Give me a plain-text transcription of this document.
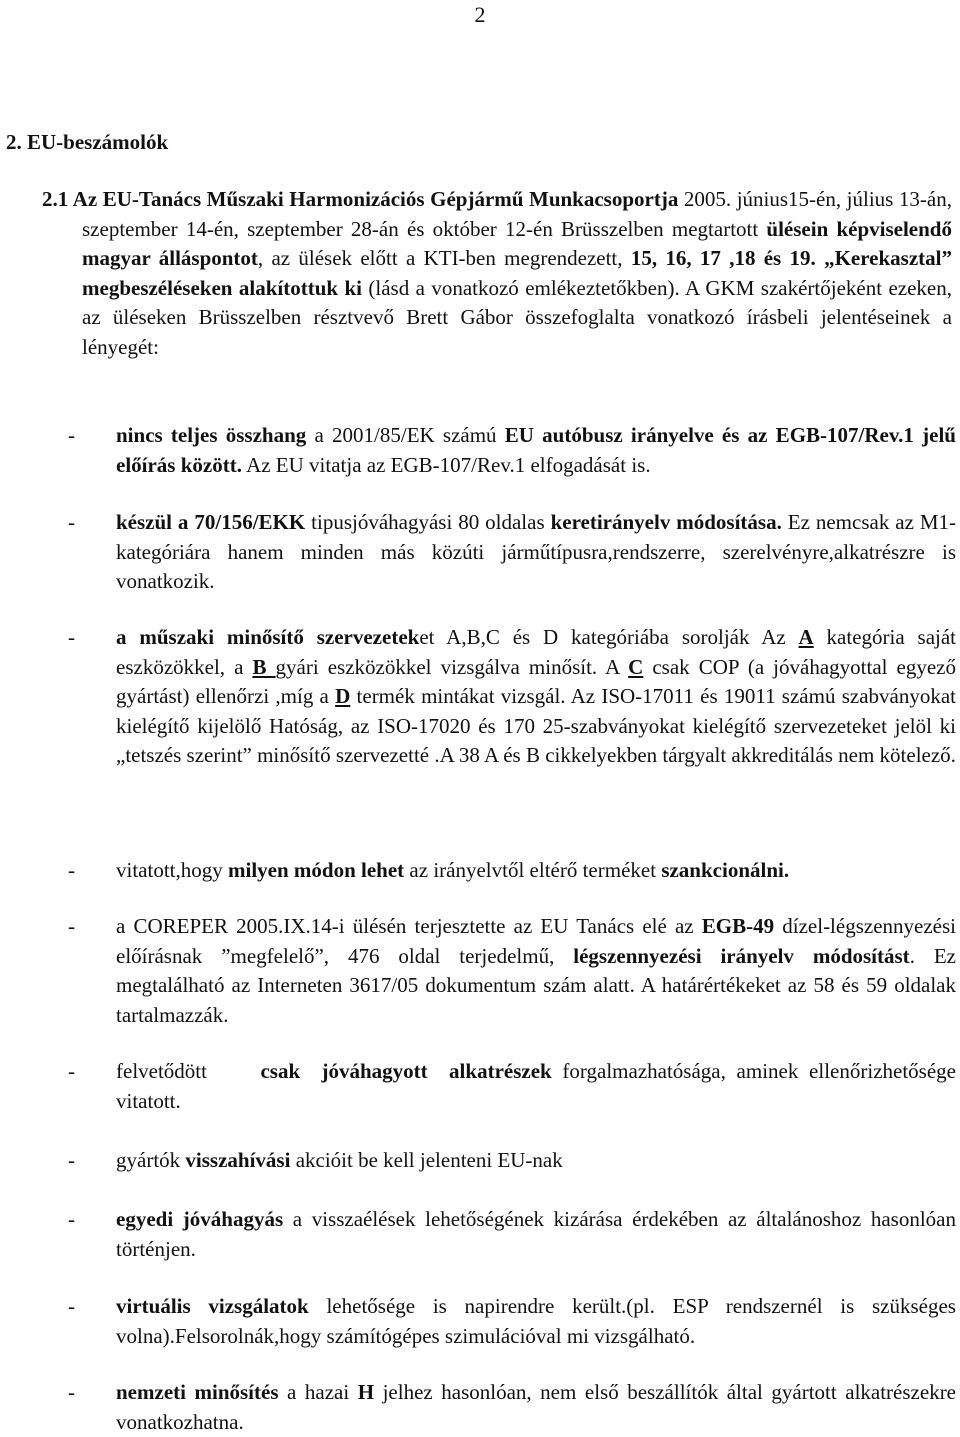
2
2. EU-beszámolók
2.1 Az EU-Tanács Műszaki Harmonizációs Gépjármű Munkacsoportja 2005. június15-én, július 13-án, szeptember 14-én, szeptember 28-án és október 12-én Brüsszelben megtartott ülésein képviselendő magyar álláspontot, az ülések előtt a KTI-ben megrendezett, 15, 16, 17 ,18 és 19. „Kerekasztal” megbeszéléseken alakítottuk ki (lásd a vonatkozó emlékeztetőkben). A GKM szakértőjeként ezeken, az üléseken Brüsszelben résztvevő Brett Gábor összefoglalta vonatkozó írásbeli jelentéseinek a lényegét:
- nincs teljes összhang a 2001/85/EK számú EU autóbusz irányelve és az EGB-107/Rev.1 jelű előírás között. Az EU vitatja az EGB-107/Rev.1 elfogadását is.
- készül a 70/156/EKK tipusjóváhagyási 80 oldalas keretirányelv módosítása. Ez nemcsak az M1-kategóriára hanem minden más közúti járműtípusra,rendszerre, szerelvényre,alkatrészre is vonatkozik.
- a műszaki minősítő szervezeteket A,B,C és D kategóriába sorolják Az A kategória saját eszközökkel, a B gyári eszközökkel vizsgálva minősít. A C csak COP (a jóváhagyottal egyező gyártást) ellenőrzi ,míg a D termék mintákat vizsgál. Az ISO-17011 és 19011 számú szabványokat kielégítő kijelölő Hatóság, az ISO-17020 és 170 25-szabványokat kielégítő szervezeteket jelöl ki „tetszés szerint” minősítő szervezetté .A 38 A és B cikkelyekben tárgyalt akkreditálás nem kötelező.
- vitatott,hogy milyen módon lehet az irányelvtől eltérő terméket szankcionálni.
- a COREPER 2005.IX.14-i ülésén terjesztette az EU Tanács elé az EGB-49 dízel-légszennyezési előírásnak ”megfelelő”, 476 oldal terjedelmű, légszennyezési irányelv módosítást. Ez megtalálható az Interneten 3617/05 dokumentum szám alatt. A határértékeket az 58 és 59 oldalak tartalmazzák.
- felvetődött     csak  jóváhagyott  alkatrészek forgalmazhatósága, aminek ellenőrizhetősége vitatott.
- gyártók visszahívási akcióit be kell jelenteni EU-nak
- egyedi jóváhagyás a visszaélések lehetőségének kizárása érdekében az általánoshoz hasonlóan történjen.
- virtuális vizsgálatok lehetősége is napirendre került.(pl. ESP rendszernél is szükséges volna).Felsorolnák,hogy számítógépes szimulációval mi vizsgálható.
- nemzeti minősítés a hazai H jelhez hasonlóan, nem első beszállítók által gyártott alkatrészekre vonatkozhatna.
